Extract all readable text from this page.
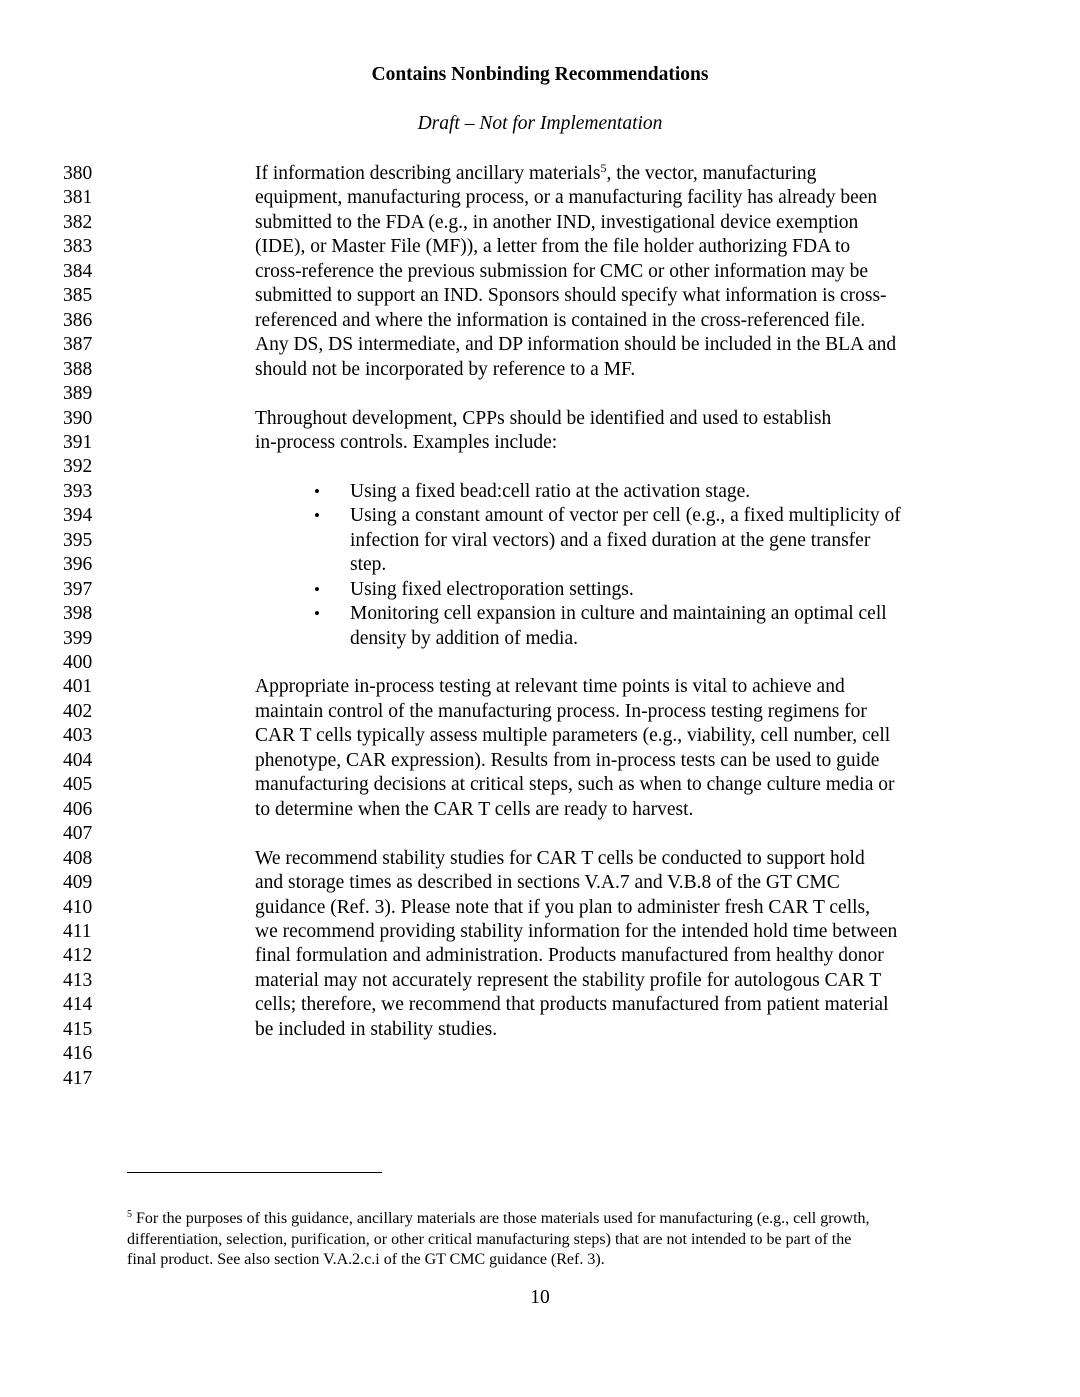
Contains Nonbinding Recommendations
Draft – Not for Implementation
380	If information describing ancillary materials$^5$, the vector, manufacturing
381	equipment, manufacturing process, or a manufacturing facility has already been
382	submitted to the FDA (e.g., in another IND, investigational device exemption
383	(IDE), or Master File (MF)), a letter from the file holder authorizing FDA to
384	cross-reference the previous submission for CMC or other information may be
385	submitted to support an IND. Sponsors should specify what information is cross-
386	referenced and where the information is contained in the cross-referenced file.
387	Any DS, DS intermediate, and DP information should be included in the BLA and
388	should not be incorporated by reference to a MF.
389
390	Throughout development, CPPs should be identified and used to establish
391	in-process controls. Examples include:
392
393	• Using a fixed bead:cell ratio at the activation stage.
394	• Using a constant amount of vector per cell (e.g., a fixed multiplicity of
395	infection for viral vectors) and a fixed duration at the gene transfer
396	step.
397	• Using fixed electroporation settings.
398	• Monitoring cell expansion in culture and maintaining an optimal cell
399	density by addition of media.
400
401	Appropriate in-process testing at relevant time points is vital to achieve and
402	maintain control of the manufacturing process. In-process testing regimens for
403	CAR T cells typically assess multiple parameters (e.g., viability, cell number, cell
404	phenotype, CAR expression). Results from in-process tests can be used to guide
405	manufacturing decisions at critical steps, such as when to change culture media or
406	to determine when the CAR T cells are ready to harvest.
407
408	We recommend stability studies for CAR T cells be conducted to support hold
409	and storage times as described in sections V.A.7 and V.B.8 of the GT CMC
410	guidance (Ref. 3). Please note that if you plan to administer fresh CAR T cells,
411	we recommend providing stability information for the intended hold time between
412	final formulation and administration. Products manufactured from healthy donor
413	material may not accurately represent the stability profile for autologous CAR T
414	cells; therefore, we recommend that products manufactured from patient material
415	be included in stability studies.
416
417
$^5$ For the purposes of this guidance, ancillary materials are those materials used for manufacturing (e.g., cell growth,
differentiation, selection, purification, or other critical manufacturing steps) that are not intended to be part of the
final product. See also section V.A.2.c.i of the GT CMC guidance (Ref. 3).
10
